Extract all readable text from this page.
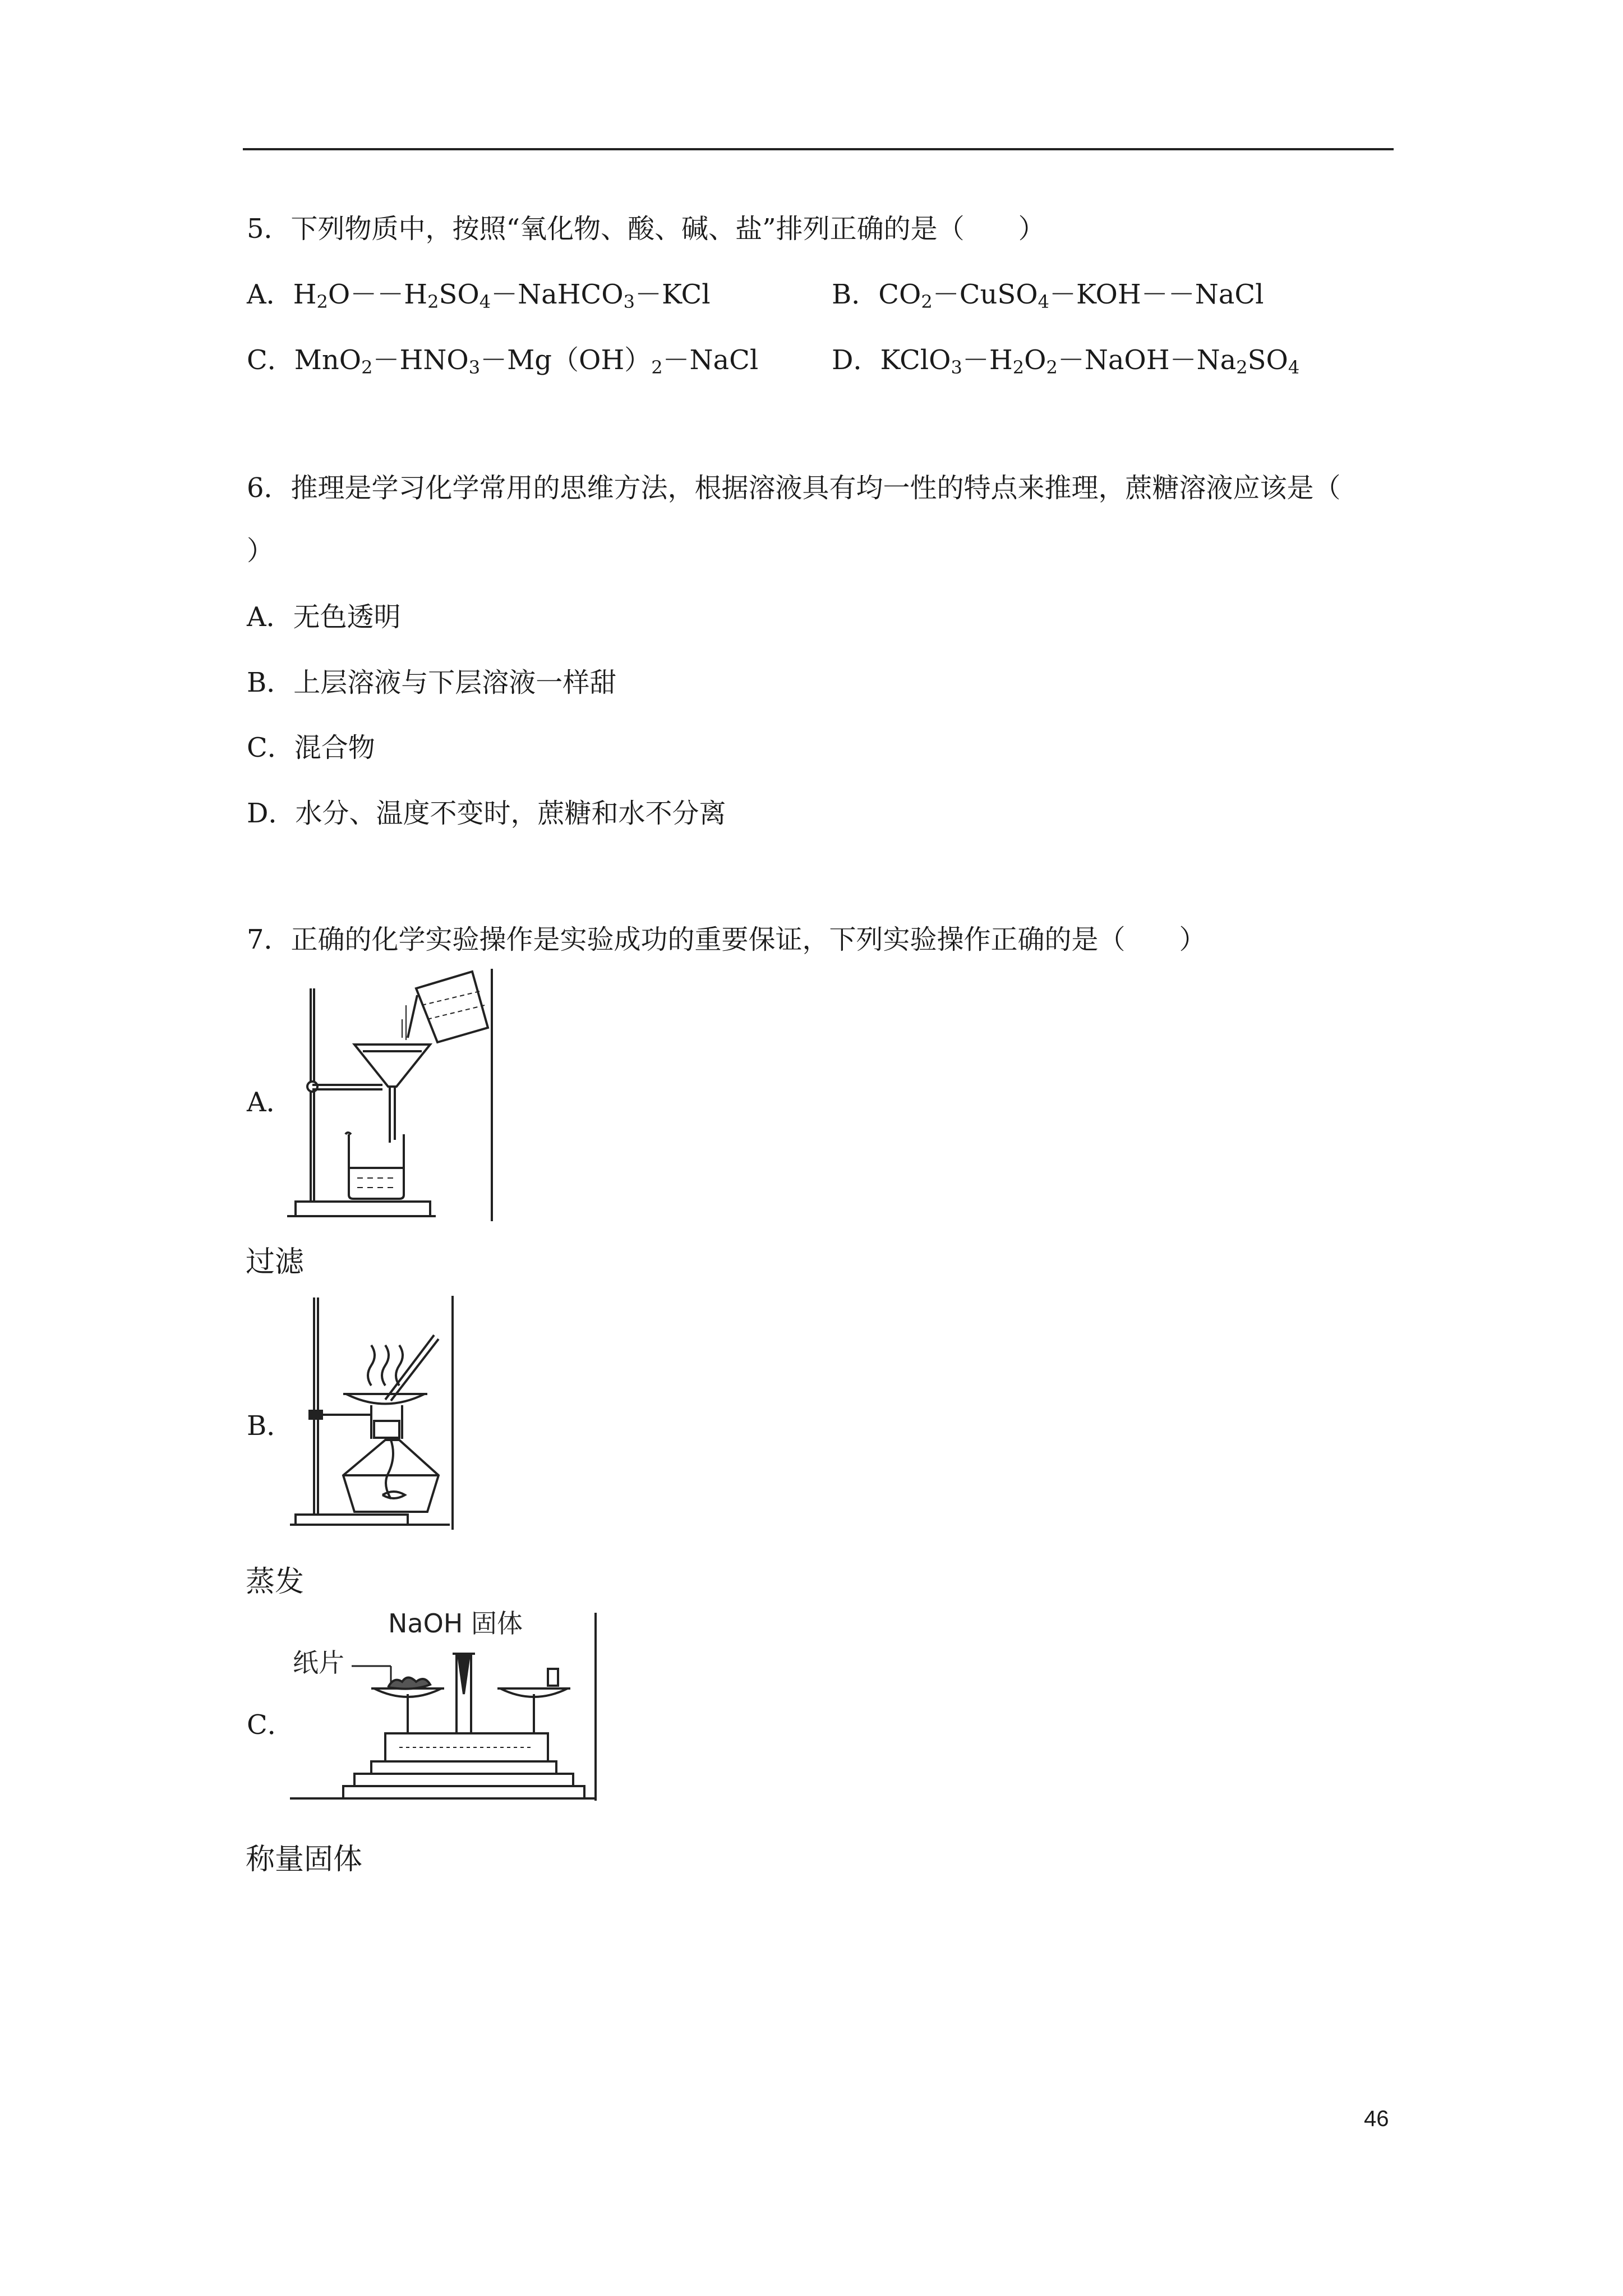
5．下列物质中，按照“氧化物、酸、碱、盐”排列正确的是（　　）
A．$H_2O--H_2SO_4-NaHCO_3-KCl$	B．$CO_2-CuSO_4-KOH--NaCl$
C．$MnO_2-HNO_3-Mg(OH)_2-NaCl$	D．$KClO_3-H_2O_2-NaOH-Na_2SO_4$
6．推理是学习化学常用的思维方法，根据溶液具有均一性的特点来推理，蔗糖溶液应该是（
）
A．无色透明
B．上层溶液与下层溶液一样甜
C．混合物
D．水分、温度不变时，蔗糖和水不分离
7．正确的化学实验操作是实验成功的重要保证，下列实验操作正确的是（　　）
A．
过滤
B．
蒸发
C．
NaOH 固体
纸片
称量固体
46
